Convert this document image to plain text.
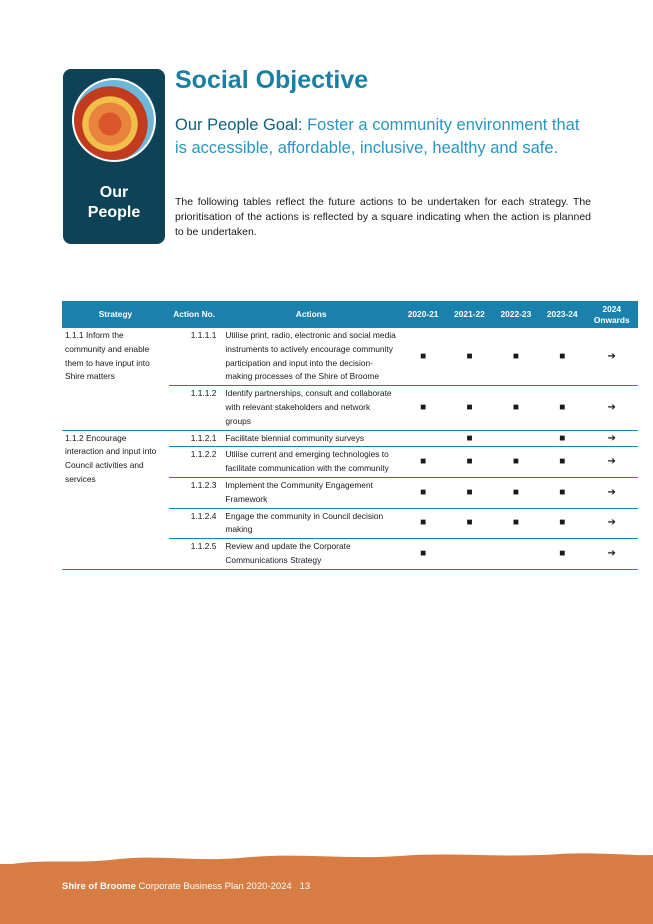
Our
People
Social Objective

Our People Goal: Foster a community environment that is accessible, affordable, inclusive, healthy and safe.

The following tables reflect the future actions to be undertaken for each strategy. The prioritisation of the actions is reflected by a square indicating when the action is planned to be undertaken.

Strategy	Action No.	Actions	2020-21	2021-22	2022-23	2023-24	2024 Onwards
1.1.1 Inform the community and enable them to have input into Shire matters	1.1.1.1	Utilise print, radio, electronic and social media instruments to actively encourage community participation and input into the decision-making processes of the Shire of Broome	■	■	■	■	➔
	1.1.1.2	Identify partnerships, consult and collaborate with relevant stakeholders and network groups	■	■	■	■	➔
1.1.2 Encourage interaction and input into Council activities and services	1.1.2.1	Facilitate biennial community surveys		■		■	➔
	1.1.2.2	Utilise current and emerging technologies to facilitate communication with the community	■	■	■	■	➔
	1.1.2.3	Implement the Community Engagement Framework	■	■	■	■	➔
	1.1.2.4	Engage the community in Council decision making	■	■	■	■	➔
	1.1.2.5	Review and update the Corporate Communications Strategy	■			■	➔
Shire of Broome Corporate Business Plan 2020-2024 13
